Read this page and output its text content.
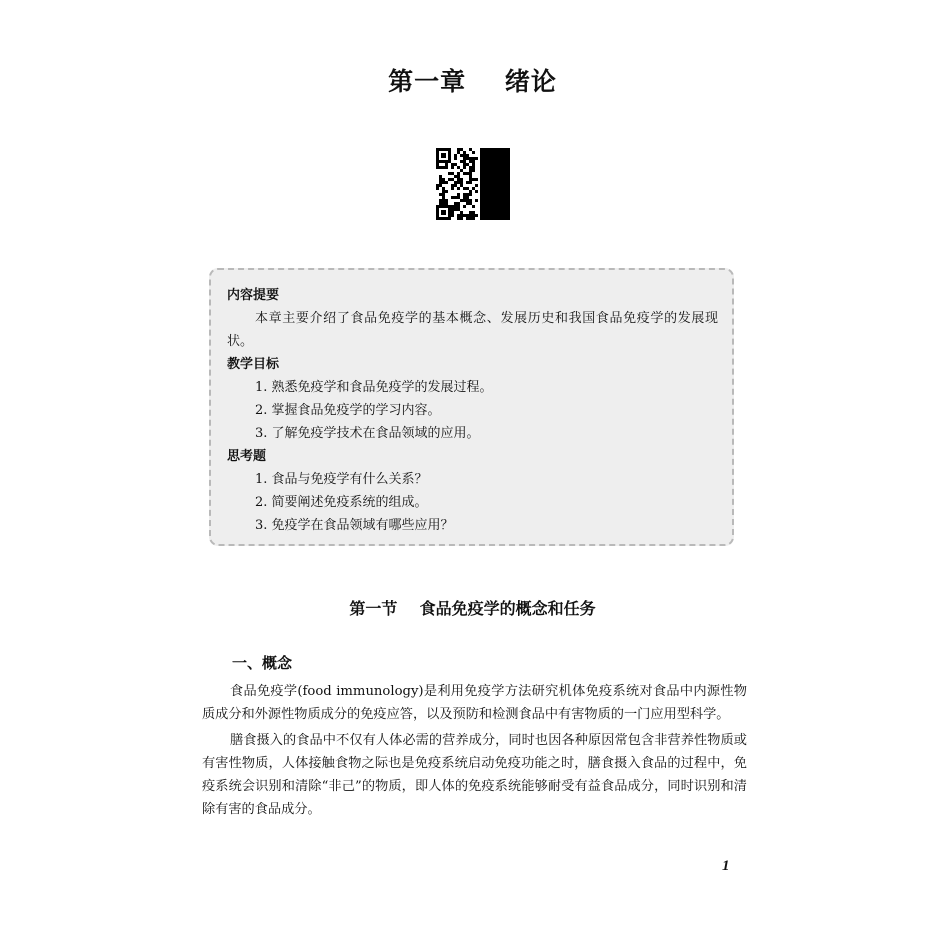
第一章    绪论
内容提要
本章主要介绍了食品免疫学的基本概念、发展历史和我国食品免疫学的发展现状。
教学目标
1. 熟悉免疫学和食品免疫学的发展过程。
2. 掌握食品免疫学的学习内容。
3. 了解免疫学技术在食品领域的应用。
思考题
1. 食品与免疫学有什么关系？
2. 简要阐述免疫系统的组成。
3. 免疫学在食品领域有哪些应用？
第一节    食品免疫学的概念和任务
一、概念

食品免疫学(food immunology)是利用免疫学方法研究机体免疫系统对食品中内源性物质成分和外源性物质成分的免疫应答，以及预防和检测食品中有害物质的一门应用型科学。

膳食摄入的食品中不仅有人体必需的营养成分，同时也因各种原因常包含非营养性物质或有害性物质，人体接触食物之际也是免疫系统启动免疫功能之时，膳食摄入食品的过程中，免疫系统会识别和清除“非己”的物质，即人体的免疫系统能够耐受有益食品成分，同时识别和清除有害的食品成分。

1
